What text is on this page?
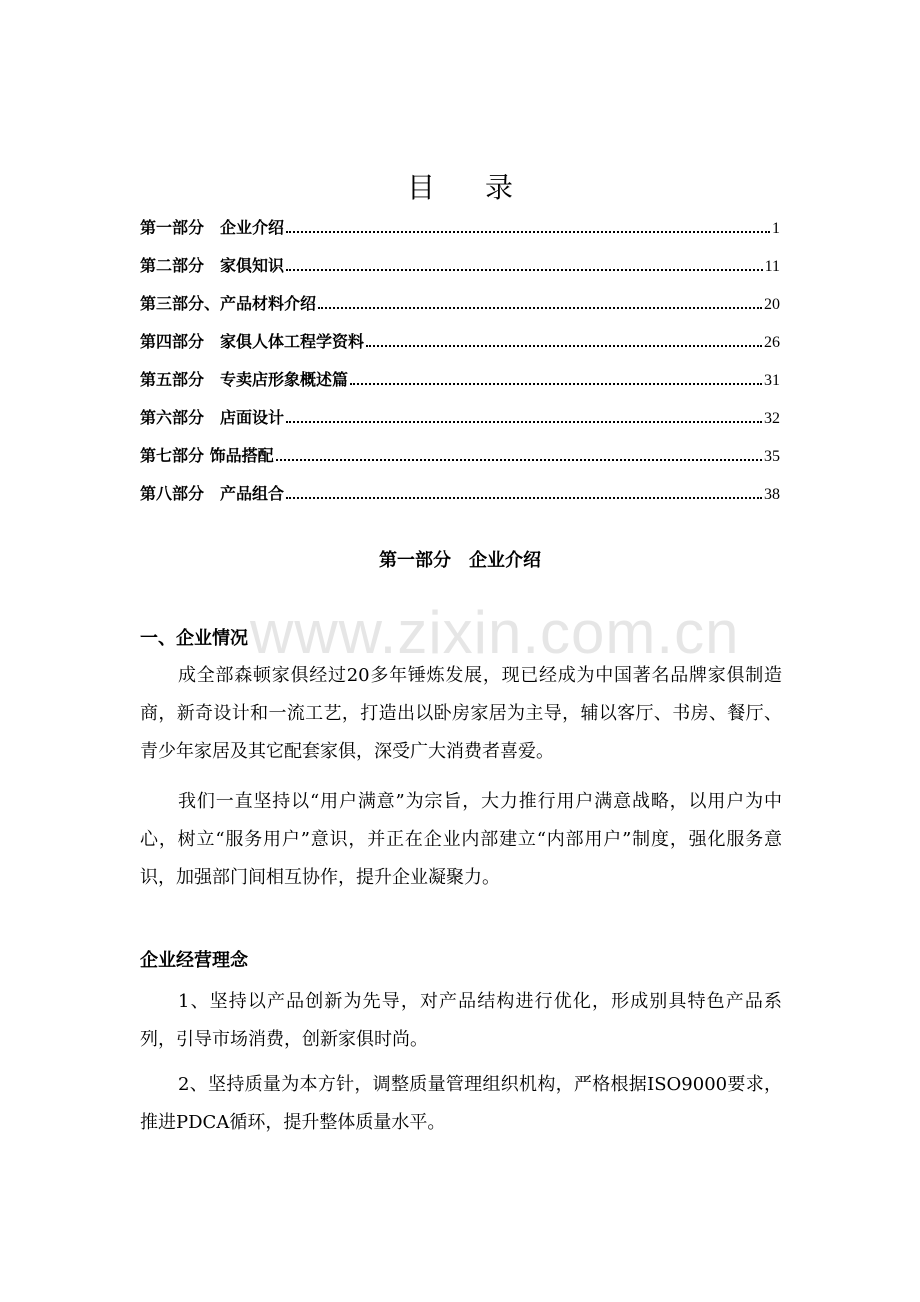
www.zixin.com.cn
目 录
第一部分　企业介绍	1
第二部分　家俱知识	11
第三部分、产品材料介绍	20
第四部分　家俱人体工程学资料	26
第五部分　专卖店形象概述篇	31
第六部分　店面设计	32
第七部分 饰品搭配	35
第八部分　产品组合	38
第一部分　企业介绍
一、企业情况
成全部森顿家俱经过20多年锤炼发展，现已经成为中国著名品牌家俱制造商，新奇设计和一流工艺，打造出以卧房家居为主导，辅以客厅、书房、餐厅、青少年家居及其它配套家俱，深受广大消费者喜爱。
我们一直坚持以“用户满意”为宗旨，大力推行用户满意战略，以用户为中心，树立“服务用户”意识，并正在企业内部建立“内部用户”制度，强化服务意识，加强部门间相互协作，提升企业凝聚力。
企业经营理念
1、坚持以产品创新为先导，对产品结构进行优化，形成别具特色产品系列，引导市场消费，创新家俱时尚。
2、坚持质量为本方针，调整质量管理组织机构，严格根据ISO9000要求，推进PDCA循环，提升整体质量水平。
